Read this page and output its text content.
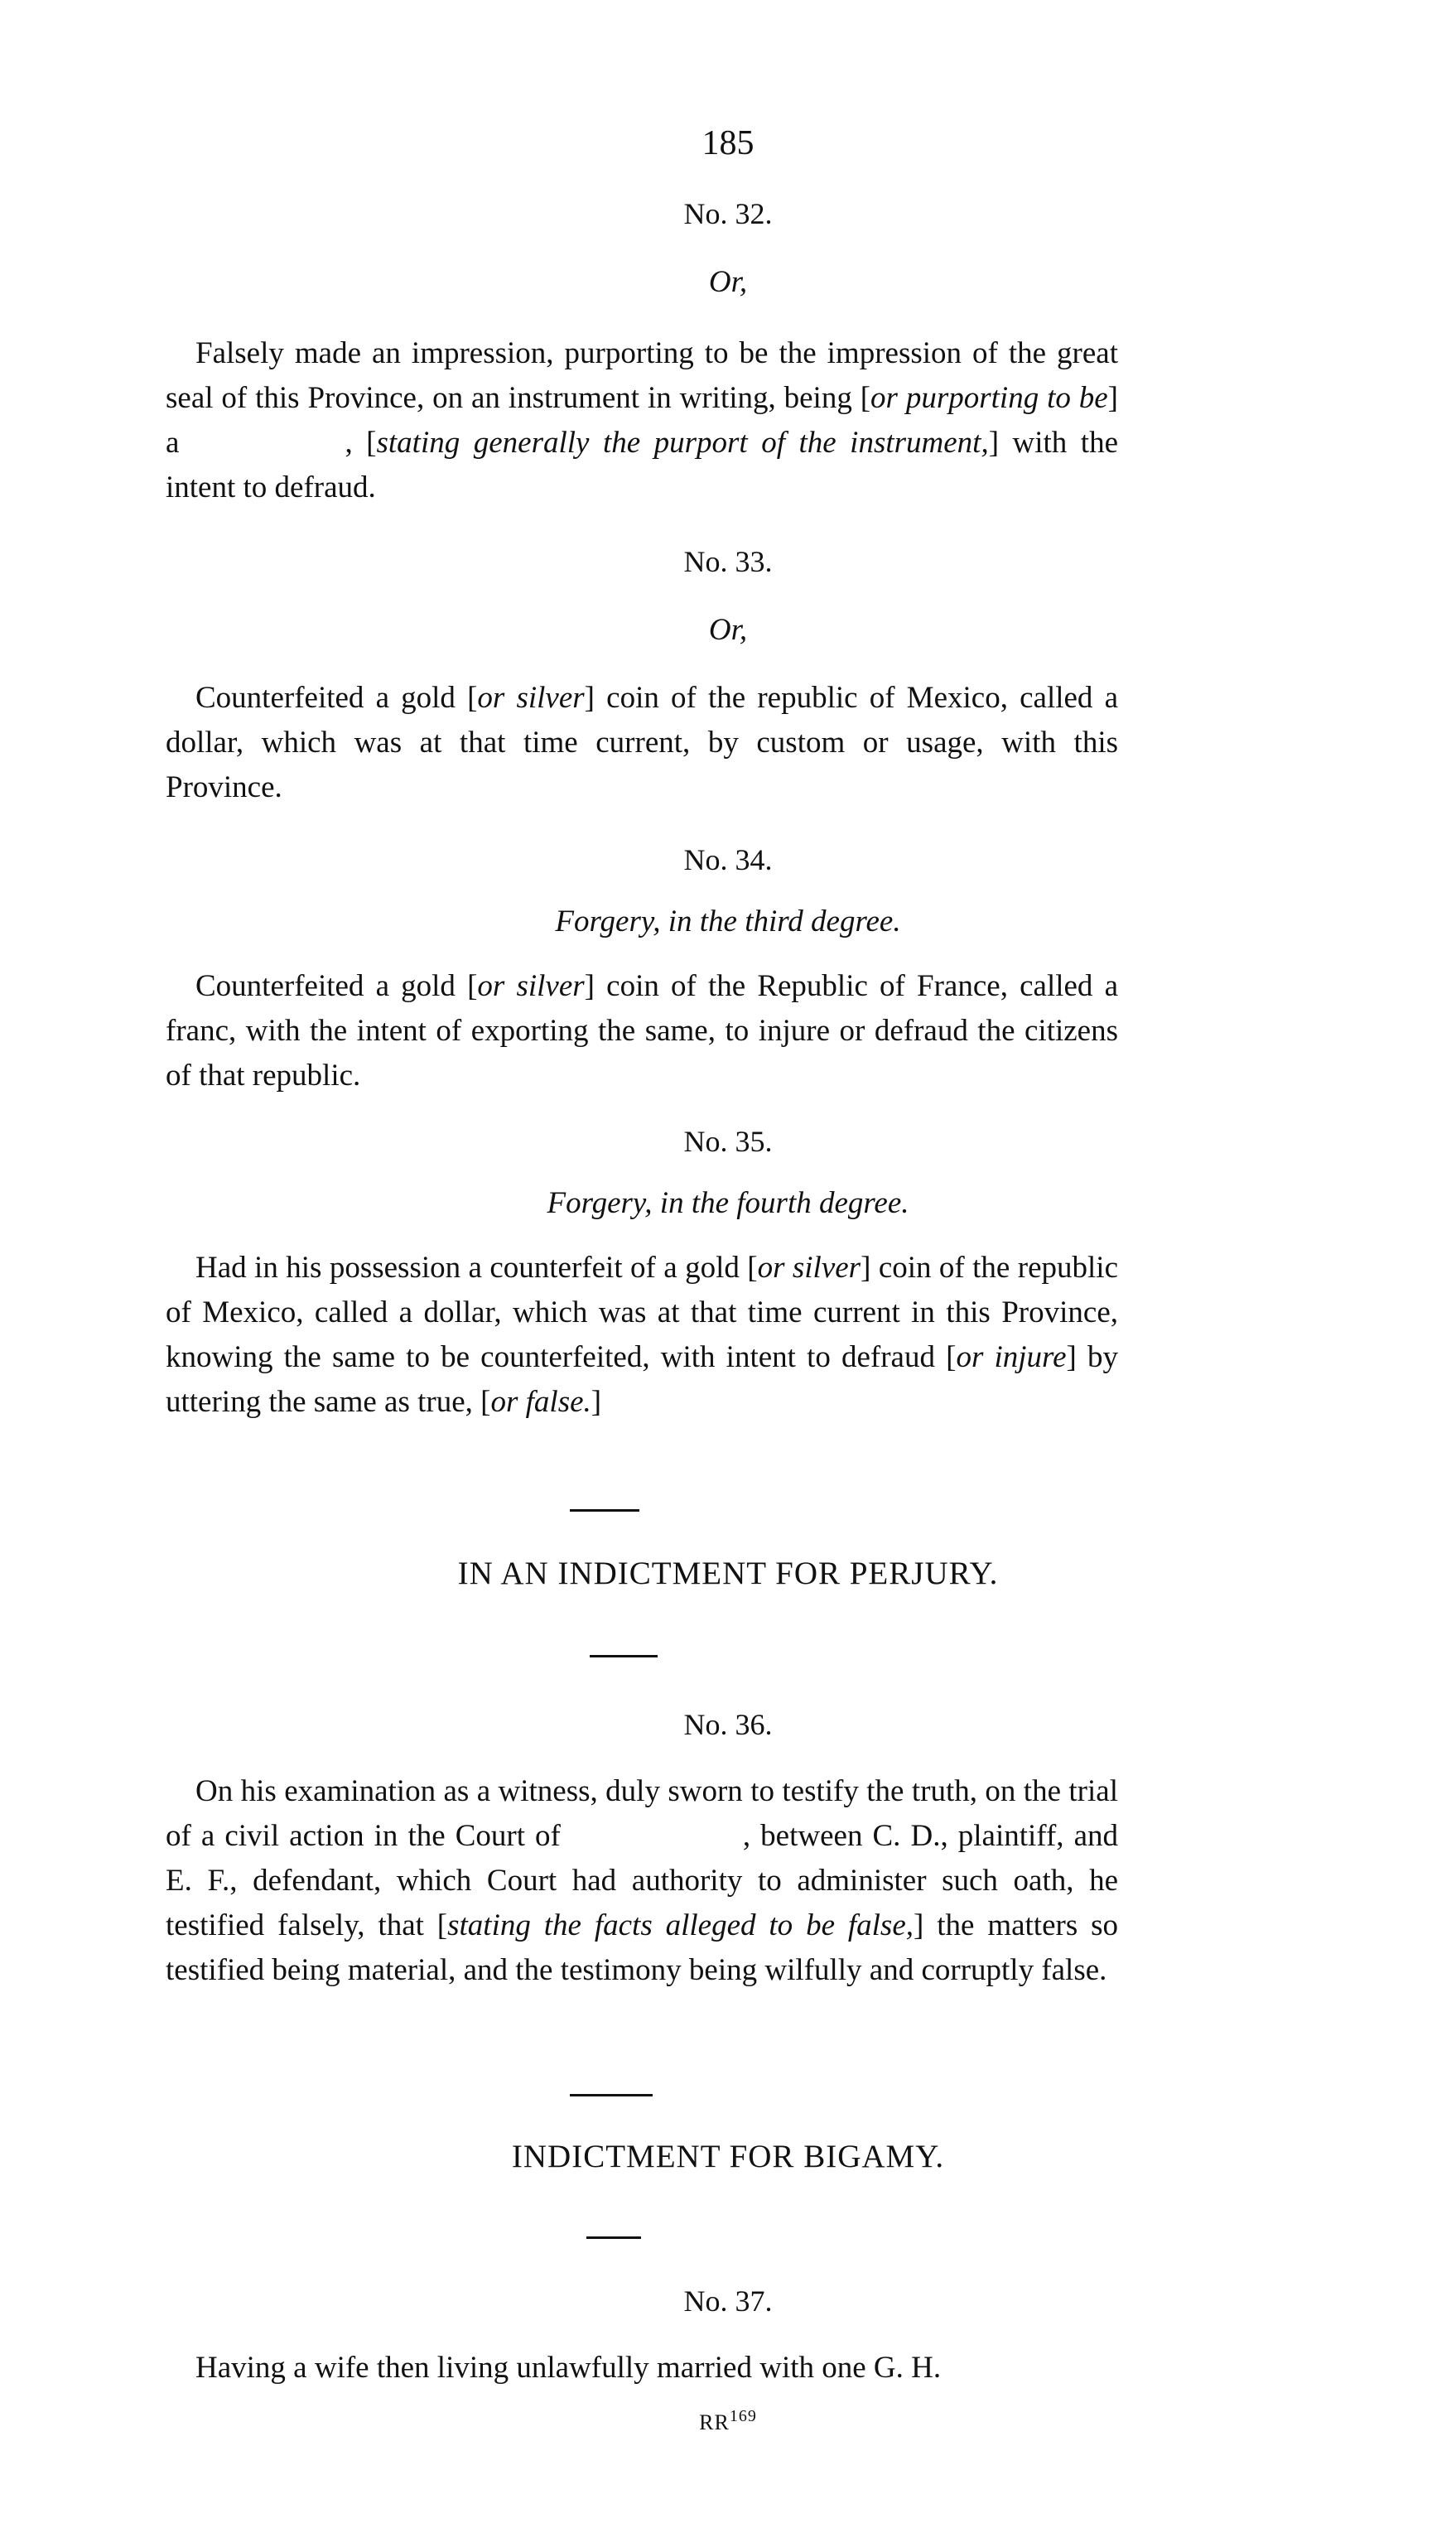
185
No. 32.
Or,

Falsely made an impression, purporting to be the impression of the great seal of this Province, on an instrument in writing, being [or purporting to be] a	, [stating generally the purport of the instrument,] with the intent to defraud.

No. 33.
Or,

Counterfeited a gold [or silver] coin of the republic of Mexico, called a dollar, which was at that time current, by custom or usage, with this Province.

No. 34.
Forgery, in the third degree.

Counterfeited a gold [or silver] coin of the Republic of France, called a franc, with the intent of exporting the same, to injure or defraud the citizens of that republic.

No. 35.
Forgery, in the fourth degree.

Had in his possession a counterfeit of a gold [or silver] coin of the republic of Mexico, called a dollar, which was at that time current in this Province, knowing the same to be counterfeited, with intent to defraud [or injure] by uttering the same as true, [or false.]

IN AN INDICTMENT FOR PERJURY.
No. 36.

On his examination as a witness, duly sworn to testify the truth, on the trial of a civil action in the Court of	, between C. D., plaintiff, and E. F., defendant, which Court had authority to administer such oath, he testified falsely, that [stating the facts alleged to be false,] the matters so testified being material, and the testimony being wilfully and corruptly false.

INDICTMENT FOR BIGAMY.
No. 37.

Having a wife then living unlawfully married with one G. H.

RR$^{169}$
